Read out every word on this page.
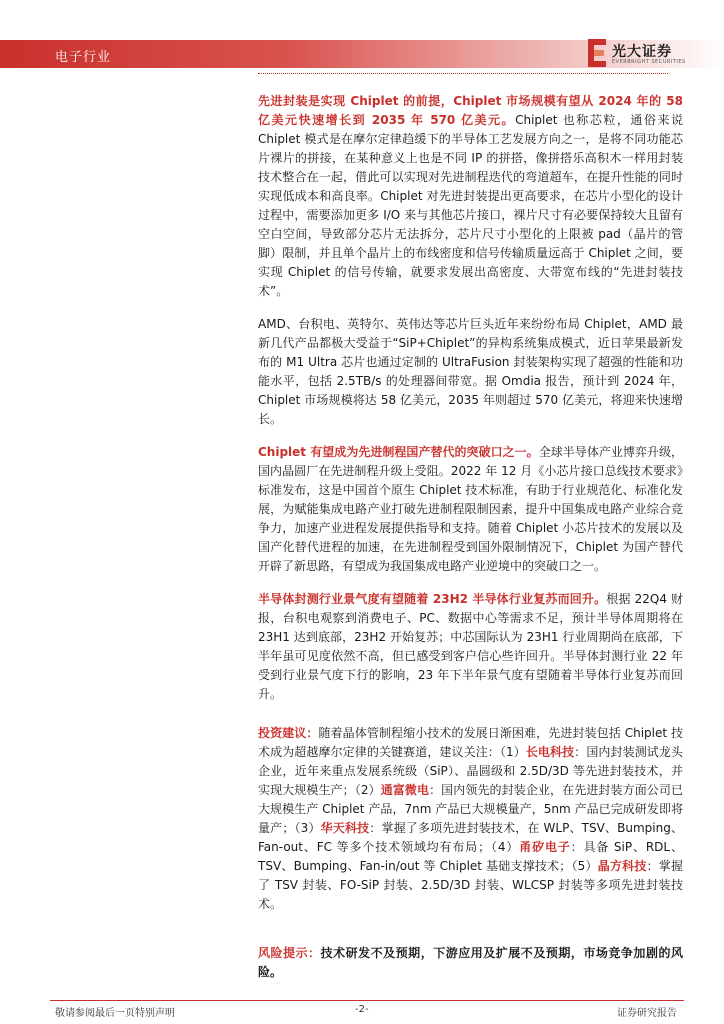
电子行业	光大证券
EVERBRIGHT SECURITIES

先进封装是实现 Chiplet 的前提，Chiplet 市场规模有望从 2024 年的 58 亿美元快速增长到 2035 年 570 亿美元。Chiplet 也称芯粒，通俗来说 Chiplet 模式是在摩尔定律趋缓下的半导体工艺发展方向之一，是将不同功能芯片裸片的拼接，在某种意义上也是不同 IP 的拼搭，像拼搭乐高积木一样用封装技术整合在一起，借此可以实现对先进制程迭代的弯道超车，在提升性能的同时实现低成本和高良率。Chiplet 对先进封装提出更高要求，在芯片小型化的设计过程中，需要添加更多 I/O 来与其他芯片接口，裸片尺寸有必要保持较大且留有空白空间，导致部分芯片无法拆分，芯片尺寸小型化的上限被 pad（晶片的管脚）限制，并且单个晶片上的布线密度和信号传输质量远高于 Chiplet 之间，要实现 Chiplet 的信号传输，就要求发展出高密度、大带宽布线的“先进封装技术”。

AMD、台积电、英特尔、英伟达等芯片巨头近年来纷纷布局 Chiplet，AMD 最新几代产品都极大受益于“SiP+Chiplet”的异构系统集成模式，近日苹果最新发布的 M1 Ultra 芯片也通过定制的 UltraFusion 封装架构实现了超强的性能和功能水平，包括 2.5TB/s 的处理器间带宽。据 Omdia 报告，预计到 2024 年，Chiplet 市场规模将达 58 亿美元，2035 年则超过 570 亿美元，将迎来快速增长。

Chiplet 有望成为先进制程国产替代的突破口之一。全球半导体产业博弈升级，国内晶圆厂在先进制程升级上受阻。2022 年 12 月《小芯片接口总线技术要求》标准发布，这是中国首个原生 Chiplet 技术标准，有助于行业规范化、标准化发展，为赋能集成电路产业打破先进制程限制因素，提升中国集成电路产业综合竞争力，加速产业进程发展提供指导和支持。随着 Chiplet 小芯片技术的发展以及国产化替代进程的加速，在先进制程受到国外限制情况下，Chiplet 为国产替代开辟了新思路，有望成为我国集成电路产业逆境中的突破口之一。

半导体封测行业景气度有望随着 23H2 半导体行业复苏而回升。根据 22Q4 财报，台积电观察到消费电子、PC、数据中心等需求不足，预计半导体周期将在 23H1 达到底部，23H2 开始复苏；中芯国际认为 23H1 行业周期尚在底部，下半年虽可见度依然不高，但已感受到客户信心些许回升。半导体封测行业 22 年受到行业景气度下行的影响，23 年下半年景气度有望随着半导体行业复苏而回升。

投资建议：随着晶体管制程缩小技术的发展日渐困难，先进封装包括 Chiplet 技术成为超越摩尔定律的关键赛道，建议关注：（1）长电科技：国内封装测试龙头企业，近年来重点发展系统级（SiP）、晶圆级和 2.5D/3D 等先进封装技术，并实现大规模生产；（2）通富微电：国内领先的封装企业，在先进封装方面公司已大规模生产 Chiplet 产品，7nm 产品已大规模量产，5nm 产品已完成研发即将量产；（3）华天科技：掌握了多项先进封装技术，在 WLP、TSV、Bumping、Fan-out、FC 等多个技术领域均有布局；（4）甬矽电子：具备 SiP、RDL、TSV、Bumping、Fan-in/out 等 Chiplet 基础支撑技术；（5）晶方科技：掌握了 TSV 封装、FO-SiP 封装、2.5D/3D 封装、WLCSP 封装等多项先进封装技术。

风险提示：技术研发不及预期，下游应用及扩展不及预期，市场竞争加剧的风险。

敬请参阅最后一页特别声明	-2-	证券研究报告
